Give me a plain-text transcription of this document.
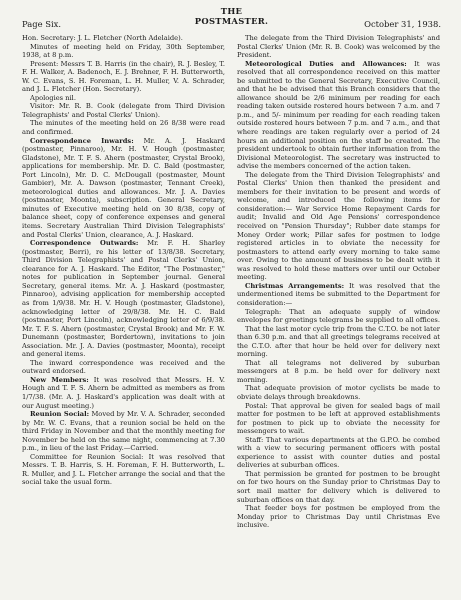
Page Six.
THE
POSTMASTER.	October 31, 1938.

Hon. Secretary: J. L. Fletcher (North Adelaide).

Minutes of meeting held on Friday, 30th September, 1938, at 8 p.m.

Present: Messrs T. B. Harris (in the chair), R. J. Besley, T. F. H. Walker, A. Badenoch, E. J. Brehner, F. H. Butterworth, W. C. Evans, S. H. Foreman, L. H. Muller, V. A. Schrader, and J. L. Fletcher (Hon. Secretary).

Apologies nil.

Visitor: Mr. R. B. Cook (delegate from Third Division Telegraphists' and Postal Clerks' Union).

The minutes of the meeting held on 26 8/38 were read and confirmed.

Correspondence Inwards: Mr. A. J. Haskard (postmaster, Pinnaroo), Mr. H. V. Hough (postmaster, Gladstone), Mr. T. F. S. Ahern (postmaster, Crystal Brook), applications for membership. Mr. D. C. Bald (postmaster, Port Lincoln), Mr. D. C. McDougall (postmaster, Mount Gambier), Mr. A. Dawson (postmaster, Tennant Creek), meteorological duties and allowances. Mr. J. A. Davies (postmaster, Moonta), subscription. General Secretary, minutes of Executive meeting held on 30 8/38, copy of balance sheet, copy of conference expenses and general items. Secretary Australian Third Division Telegraphists' and Postal Clerks' Union, clearance, A. J. Haskard.

Correspondence Outwards: Mr. F. H. Sharley (postmaster, Berri), re his letter of 13/8/38. Secretary, Third Division Telegraphists' and Postal Clerks' Union, clearance for A. J. Haskard. The Editor, "The Postmaster," notes for publication in September journal. General Secretary, general items. Mr. A. J. Haskard (postmaster, Pinnaroo), advising application for membership accepted as from 1/9/38. Mr. H. V. Hough (postmaster, Gladstone), acknowledging letter of 29/8/38. Mr. H. C. Bald (postmaster, Port Lincoln), acknowledging letter of 6/9/38. Mr. T. F. S. Ahern (postmaster, Crystal Brook) and Mr. F. W. Dunemann (postmaster, Bordertown), invitations to join Association. Mr. J. A. Davies (postmaster, Moonta), receipt and general items.

The inward correspondence was received and the outward endorsed.

New Members: It was resolved that Messrs. H. V. Hough and T. F. S. Ahern be admitted as members as from 1/7/38. (Mr. A. J. Haskard's application was dealt with at our August meeting.)

Reunion Social: Moved by Mr. V. A. Schrader, seconded by Mr. W. C. Evans, that a reunion social be held on the third Friday in November and that the monthly meeting for November be held on the same night, commencing at 7.30 p.m., in lieu of the last Friday.—Carried.

Committee for Reunion Social: It was resolved that Messrs. T. B. Harris, S. H. Foreman, F. H. Butterworth, L. R. Muller, and J. L. Fletcher arrange the social and that the social take the usual form.

The delegate from the Third Division Telegraphists' and Postal Clerks' Union (Mr. R. B. Cook) was welcomed by the President.

Meteorological Duties and Allowances: It was resolved that all correspondence received on this matter be submitted to the General Secretary, Executive Council, and that he be advised that this Branch considers that the allowance should be 2/6 minimum per reading for each reading taken outside rostered hours between 7 a.m. and 7 p.m., and 5/- minimum per reading for each reading taken outside rostered hours between 7 p.m. and 7 a.m., and that where readings are taken regularly over a period of 24 hours an additional position on the staff be created. The president undertook to obtain further information from the Divisional Meteorologist. The secretary was instructed to advise the members concerned of the action taken.

The delegate from the Third Division Telegraphists' and Postal Clerks' Union then thanked the president and members for their invitation to be present and words of welcome, and introduced the following items for consideration:— War Service Home Repayment Cards for audit; Invalid and Old Age Pensions' correspondence received on "Pension Thursday"; Rubber date stamps for Money Order work; Pillar safes for postmen to lodge registered articles in to obviate the necessity for postmasters to attend early every morning to take same over. Owing to the amount of business to be dealt with it was resolved to hold these matters over until our October meeting.

Christmas Arrangements: It was resolved that the undermentioned items be submitted to the Department for consideration:—

Telegraph: That an adequate supply of window envelopes for greetings telegrams be supplied to all offices.

That the last motor cycle trip from the C.T.O. be not later than 6.30 p.m. and that all greetings telegrams received at the C.T.O. after that hour be held over for delivery next morning.

That all telegrams not delivered by suburban messengers at 8 p.m. be held over for delivery next morning.

That adequate provision of motor cyclists be made to obviate delays through breakdowns.

Postal: That approval be given for sealed bags of mail matter for postmen to be left at approved establishments for postmen to pick up to obviate the necessity for messengers to wait.

Staff: That various departments at the G.P.O. be combed with a view to securing permanent officers with postal experience to assist with counter duties and postal deliveries at suburban offices.

That permission be granted for postmen to be brought on for two hours on the Sunday prior to Christmas Day to sort mail matter for delivery which is delivered to suburban offices on that day.

That feeder boys for postmen be employed from the Monday prior to Christmas Day until Christmas Eve inclusive.
